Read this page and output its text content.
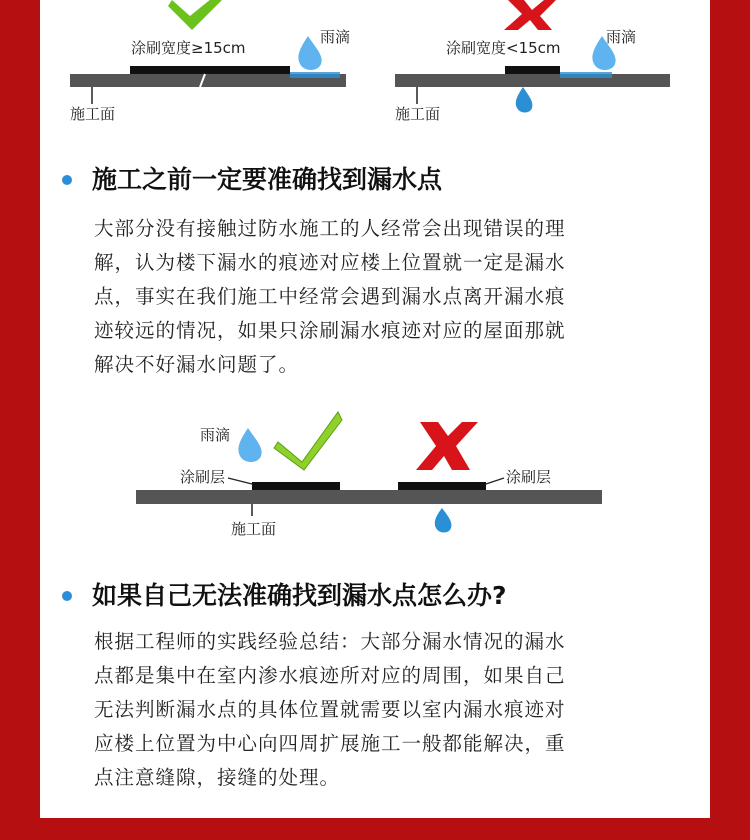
涂刷宽度≥15cm
雨滴
施工面
涂刷宽度<15cm
雨滴
施工面
施工之前一定要准确找到漏水点
大部分没有接触过防水施工的人经常会出现错误的理
解，认为楼下漏水的痕迹对应楼上位置就一定是漏水
点，事实在我们施工中经常会遇到漏水点离开漏水痕
迹较远的情况，如果只涂刷漏水痕迹对应的屋面那就
解决不好漏水问题了。
雨滴
涂刷层	涂刷层
施工面
如果自己无法准确找到漏水点怎么办?
根据工程师的实践经验总结：大部分漏水情况的漏水
点都是集中在室内渗水痕迹所对应的周围，如果自己
无法判断漏水点的具体位置就需要以室内漏水痕迹对
应楼上位置为中心向四周扩展施工一般都能解决，重
点注意缝隙，接缝的处理。
